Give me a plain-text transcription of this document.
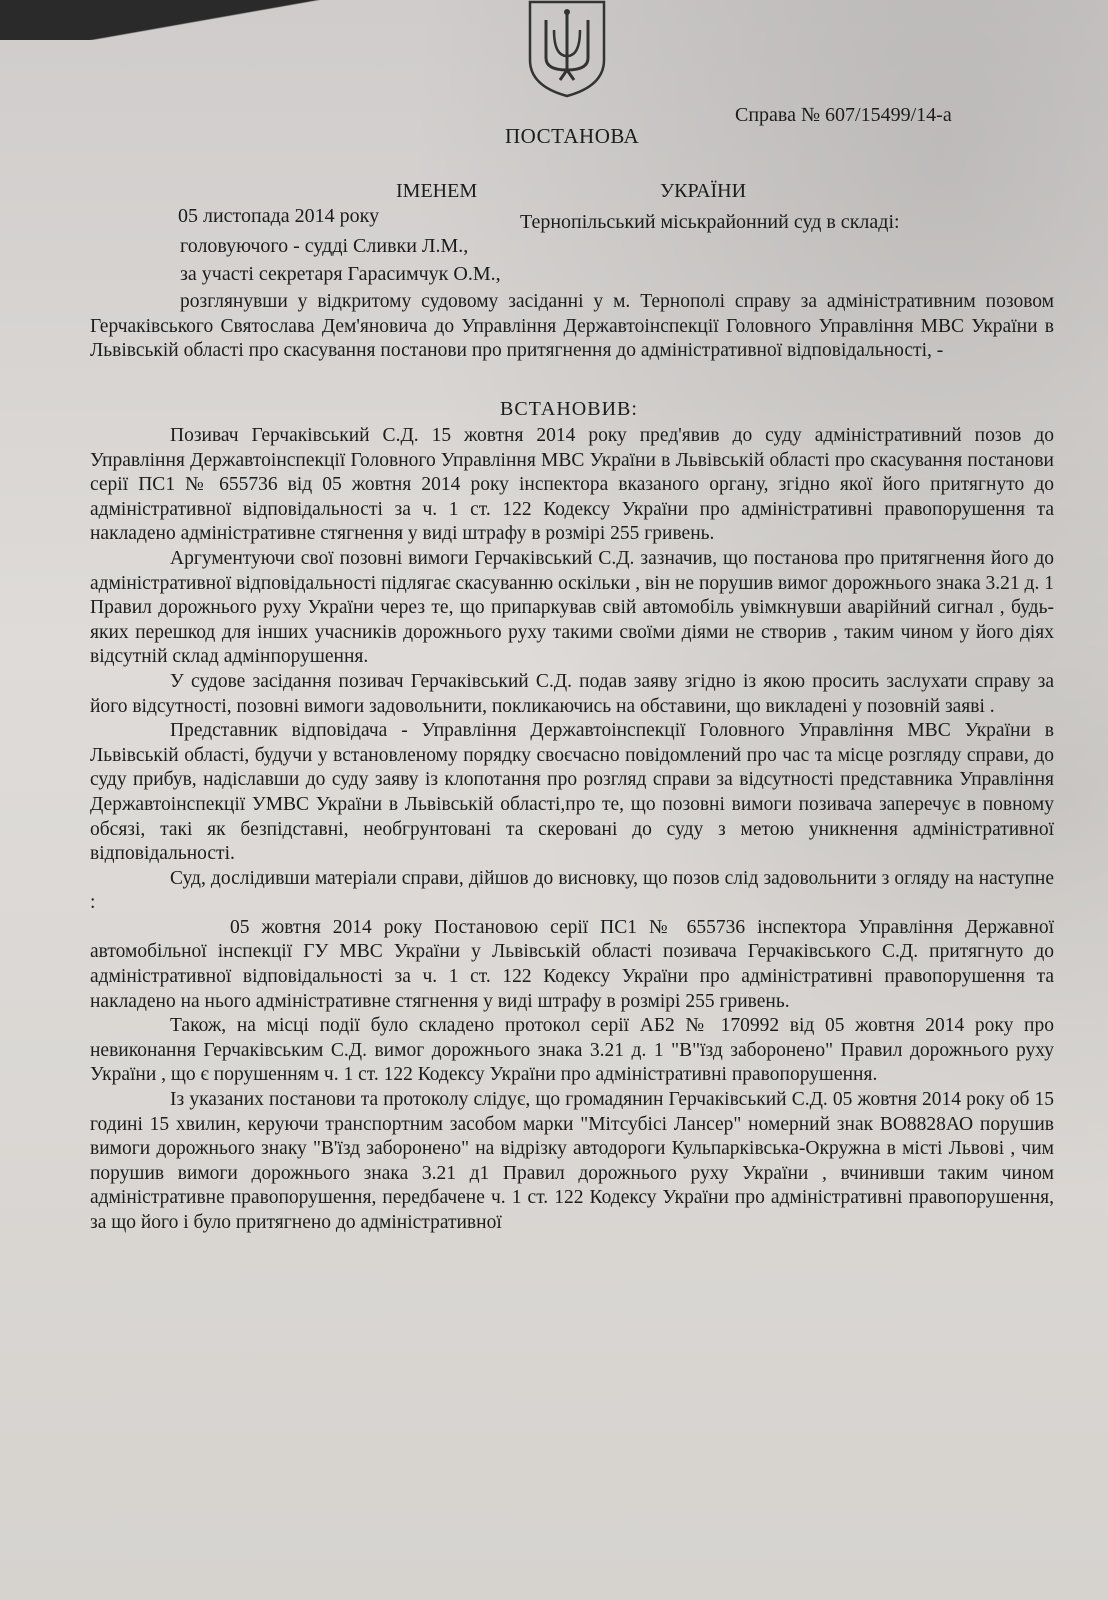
Справа № 607/15499/14-а
ПОСТАНОВА
ІМЕНЕМ	УКРАЇНИ
05 листопада 2014 року	Тернопільський міськрайонний суд в складі:
головуючого - судді Сливки Л.М.,
за участі секретаря Гарасимчук О.М.,

розглянувши у відкритому судовому засіданні у м. Тернополі справу за адміністративним позовом Герчаківського Святослава Дем'яновича до Управління Державтоінспекції Головного Управління МВС України в Львівській області про скасування постанови про притягнення до адміністративної відповідальності, -

ВСТАНОВИВ:

Позивач Герчаківський С.Д. 15 жовтня 2014 року пред'явив до суду адміністративний позов до Управління Державтоінспекції Головного Управління МВС України в Львівській області про скасування постанови серії ПС1 № 655736 від 05 жовтня 2014 року інспектора вказаного органу, згідно якої його притягнуто до адміністративної відповідальності за ч. 1 ст. 122 Кодексу України про адміністративні правопорушення та накладено адміністративне стягнення у виді штрафу в розмірі 255 гривень.

Аргументуючи свої позовні вимоги Герчаківський С.Д. зазначив, що постанова про притягнення його до адміністративної відповідальності підлягає скасуванню оскільки , він не порушив вимог дорожнього знака 3.21 д. 1 Правил дорожнього руху України через те, що припаркував свій автомобіль увімкнувши аварійний сигнал , будь-яких перешкод для інших учасників дорожнього руху такими своїми діями не створив , таким чином у його діях відсутній склад адмінпорушення.

У судове засідання позивач Герчаківський С.Д. подав заяву згідно із якою просить заслухати справу за його відсутності, позовні вимоги задовольнити, покликаючись на обставини, що викладені у позовній заяві .

Представник відповідача - Управління Державтоінспекції Головного Управління МВС України в Львівській області, будучи у встановленому порядку своєчасно повідомлений про час та місце розгляду справи, до суду прибув, надіславши до суду заяву із клопотання про розгляд справи за відсутності представника Управління Державтоінспекції УМВС України в Львівській області,про те, що позовні вимоги позивача заперечує в повному обсязі, такі як безпідставні, необгрунтовані та скеровані до суду з метою уникнення адміністративної відповідальності.

Суд, дослідивши матеріали справи, дійшов до висновку, що позов слід задовольнити з огляду на наступне :

05 жовтня 2014 року Постановою серії ПС1 № 655736 інспектора Управління Державної автомобільної інспекції ГУ МВС України у Львівській області позивача Герчаківського С.Д. притягнуто до адміністративної відповідальності за ч. 1 ст. 122 Кодексу України про адміністративні правопорушення та накладено на нього адміністративне стягнення у виді штрафу в розмірі 255 гривень.

Також, на місці події було складено протокол серії АБ2 № 170992 від 05 жовтня 2014 року про невиконання Герчаківським С.Д. вимог дорожнього знака 3.21 д. 1 "В"їзд заборонено" Правил дорожнього руху України , що є порушенням ч. 1 ст. 122 Кодексу України про адміністративні правопорушення.

Із указаних постанови та протоколу слідує, що громадянин Герчаківський С.Д. 05 жовтня 2014 року об 15 годині 15 хвилин, керуючи транспортним засобом марки "Мітсубісі Лансер" номерний знак ВО8828АО порушив вимоги дорожнього знаку "В'їзд заборонено" на відрізку автодороги Кульпарківська-Окружна в місті Львові , чим порушив вимоги дорожнього знака 3.21 д1 Правил дорожнього руху України , вчинивши таким чином адміністративне правопорушення, передбачене ч. 1 ст. 122 Кодексу України про адміністративні правопорушення, за що його і було притягнено до адміністративної
